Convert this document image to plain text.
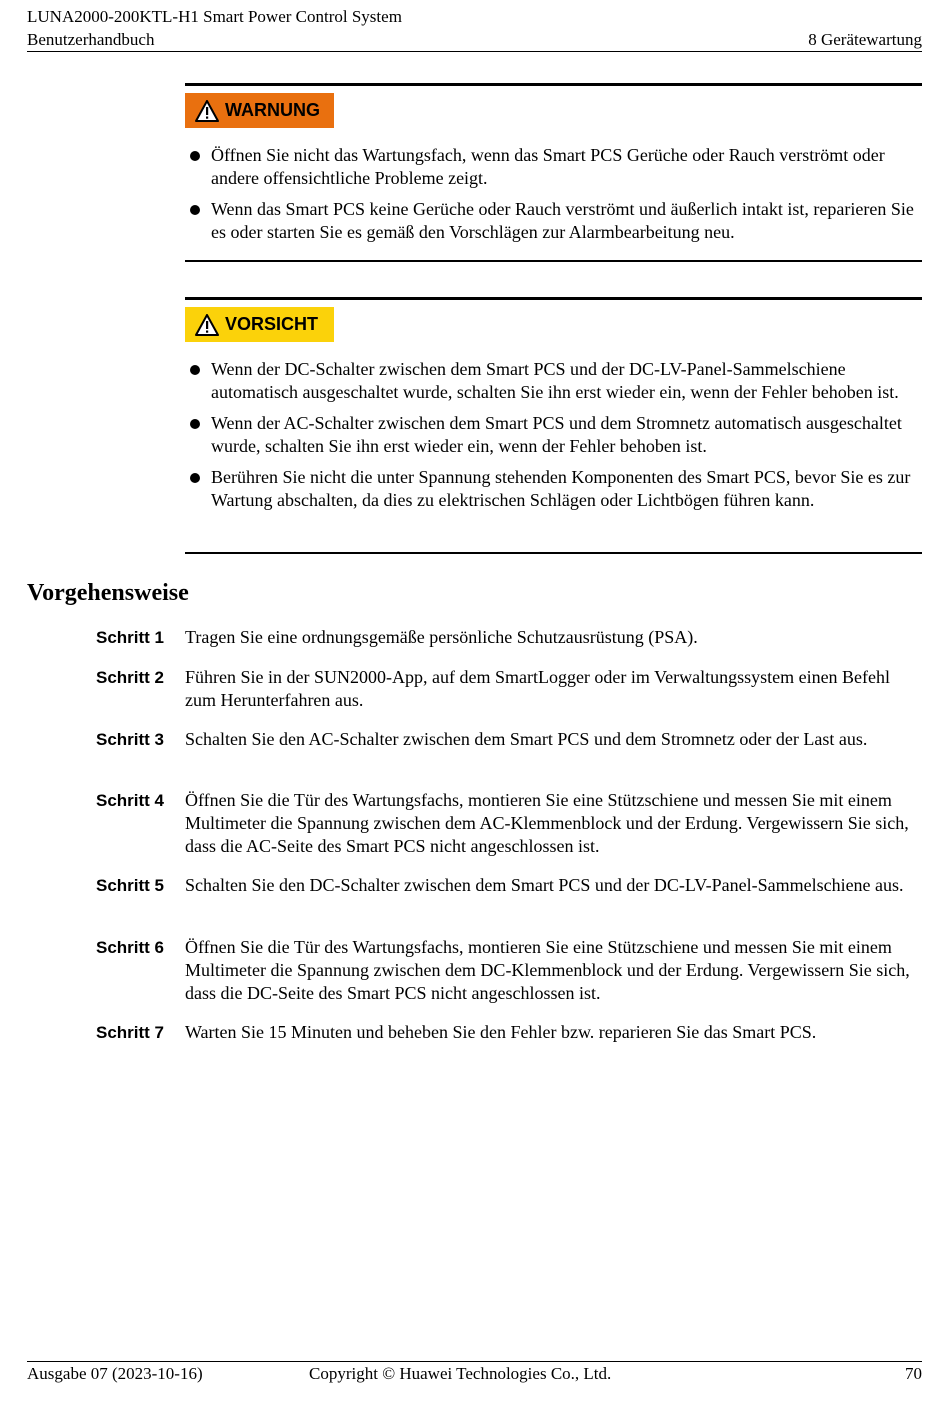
LUNA2000-200KTL-H1 Smart Power Control System
Benutzerhandbuch	8 Gerätewartung
WARNUNG
Öffnen Sie nicht das Wartungsfach, wenn das Smart PCS Gerüche oder Rauch verströmt oder andere offensichtliche Probleme zeigt.
Wenn das Smart PCS keine Gerüche oder Rauch verströmt und äußerlich intakt ist, reparieren Sie es oder starten Sie es gemäß den Vorschlägen zur Alarmbearbeitung neu.
VORSICHT
Wenn der DC-Schalter zwischen dem Smart PCS und der DC-LV-Panel-Sammelschiene automatisch ausgeschaltet wurde, schalten Sie ihn erst wieder ein, wenn der Fehler behoben ist.
Wenn der AC-Schalter zwischen dem Smart PCS und dem Stromnetz automatisch ausgeschaltet wurde, schalten Sie ihn erst wieder ein, wenn der Fehler behoben ist.
Berühren Sie nicht die unter Spannung stehenden Komponenten des Smart PCS, bevor Sie es zur Wartung abschalten, da dies zu elektrischen Schlägen oder Lichtbögen führen kann.
Vorgehensweise
Schritt 1 Tragen Sie eine ordnungsgemäße persönliche Schutzausrüstung (PSA).
Schritt 2 Führen Sie in der SUN2000-App, auf dem SmartLogger oder im Verwaltungssystem einen Befehl zum Herunterfahren aus.
Schritt 3 Schalten Sie den AC-Schalter zwischen dem Smart PCS und dem Stromnetz oder der Last aus.
Schritt 4 Öffnen Sie die Tür des Wartungsfachs, montieren Sie eine Stützschiene und messen Sie mit einem Multimeter die Spannung zwischen dem AC-Klemmenblock und der Erdung. Vergewissern Sie sich, dass die AC-Seite des Smart PCS nicht angeschlossen ist.
Schritt 5 Schalten Sie den DC-Schalter zwischen dem Smart PCS und der DC-LV-Panel-Sammelschiene aus.
Schritt 6 Öffnen Sie die Tür des Wartungsfachs, montieren Sie eine Stützschiene und messen Sie mit einem Multimeter die Spannung zwischen dem DC-Klemmenblock und der Erdung. Vergewissern Sie sich, dass die DC-Seite des Smart PCS nicht angeschlossen ist.
Schritt 7 Warten Sie 15 Minuten und beheben Sie den Fehler bzw. reparieren Sie das Smart PCS.
Ausgabe 07 (2023-10-16)	Copyright © Huawei Technologies Co., Ltd.	70
